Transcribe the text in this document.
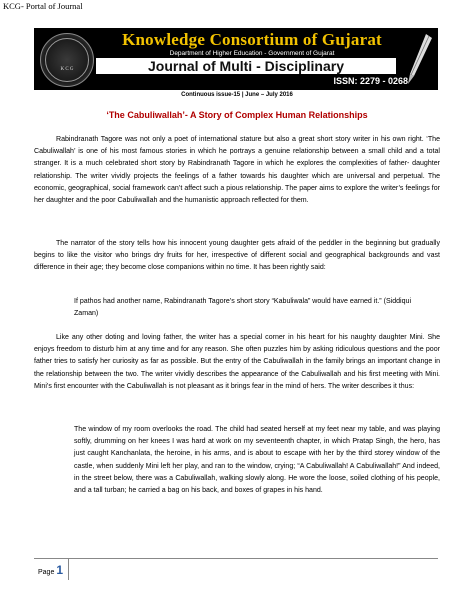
KCG- Portal of Journal
K C G
Knowledge Consortium of Gujarat
Department of Higher Education - Government of Gujarat
Journal of Multi - Disciplinary
ISSN: 2279 - 0268
Continuous issue-15 | June – July 2016
‘The Cabuliwallah’- A Story of Complex Human Relationships
Rabindranath Tagore was not only a poet of international stature but also a great short story writer in his own right. ‘The Cabuliwallah’ is one of his most famous stories in which he portrays a genuine relationship between a small child and a total stranger. It is a much celebrated short story by Rabindranath Tagore in which he explores the complexities of father- daughter relationship. The writer vividly projects the feelings of a father towards his daughter which are universal and perpetual. The economic, geographical, social framework can’t affect such a pious relationship. The paper aims to explore the writer’s feelings for her daughter and the poor Cabuliwallah and the humanistic approach reflected for them.
The narrator of the story tells how his innocent young daughter gets afraid of the peddler in the beginning but gradually begins to like the visitor who brings dry fruits for her, irrespective of different social and geographical backgrounds and vast difference in their age; they become close companions within no time. It has been rightly said:
If pathos had another name, Rabindranath Tagore’s short story “Kabuliwala” would have earned it.” (Siddiqui Zaman)
Like any other doting and loving father, the writer has a special corner in his heart for his naughty daughter Mini. She enjoys freedom to disturb him at any time and for any reason. She often puzzles him by asking ridiculous questions and the poor father tries to satisfy her curiosity as far as possible. But the entry of the Cabuliwallah in the family brings an important change in the relationship between the two. The writer vividly describes the appearance of the Cabuliwallah and his first meeting with Mini. Mini’s first encounter with the Cabuliwallah is not pleasant as it brings fear in the mind of hers. The writer describes it thus:
The window of my room overlooks the road. The child had seated herself at my feet near my table, and was playing softly, drumming on her knees I was hard at work on my seventeenth chapter, in which Pratap Singh, the hero, has just caught Kanchanlata, the heroine, in his arms, and is about to escape with her by the third storey window of the castle, when suddenly Mini left her play, and ran to the window, crying; “A Cabuliwallah! A Cabuliwallah!” And indeed, in the street below, there was a Cabuliwallah, walking slowly along. He wore the loose, soiled clothing of his people, and a tall turban; he carried a bag on his back, and boxes of grapes in his hand.
Page 1
